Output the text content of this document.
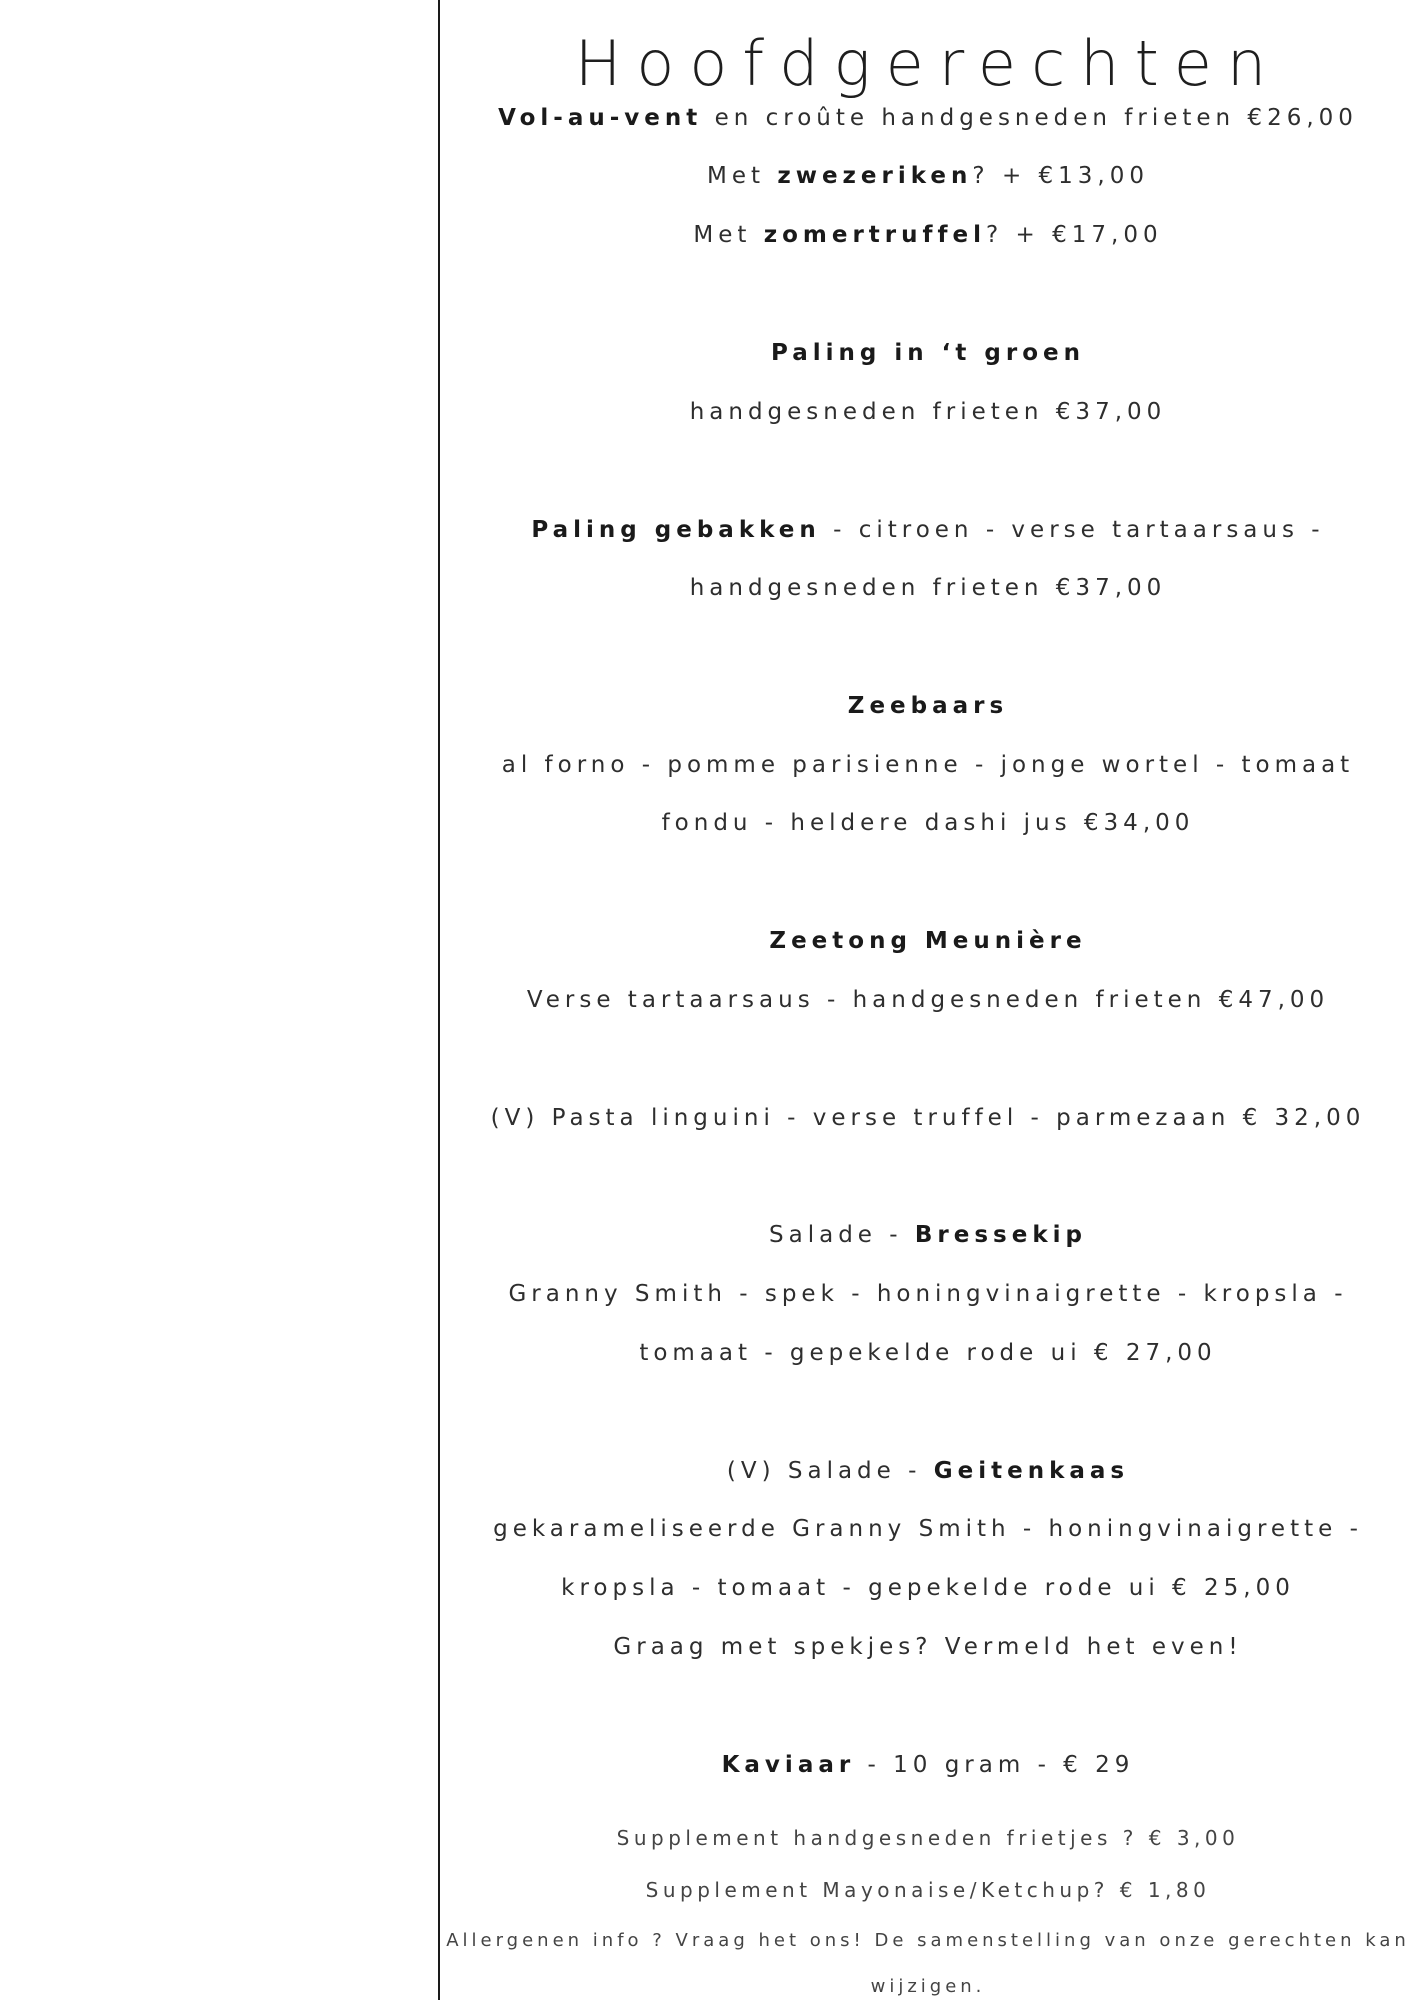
Hoofdgerechten
Vol-au-vent en croûte handgesneden frieten €26,00
Met zwezeriken? + €13,00
Met zomertruffel? + €17,00
Paling in ‘t groen
handgesneden frieten €37,00
Paling gebakken - citroen - verse tartaarsaus -
handgesneden frieten €37,00
Zeebaars
al forno - pomme parisienne - jonge wortel - tomaat
fondu - heldere dashi jus €34,00
Zeetong Meunière
Verse tartaarsaus - handgesneden frieten €47,00
(V) Pasta linguini - verse truffel - parmezaan € 32,00
Salade - Bressekip
Granny Smith - spek - honingvinaigrette - kropsla -
tomaat - gepekelde rode ui € 27,00
(V) Salade - Geitenkaas
gekarameliseerde Granny Smith - honingvinaigrette -
kropsla - tomaat - gepekelde rode ui € 25,00
Graag met spekjes? Vermeld het even!
Kaviaar - 10 gram - € 29
Supplement handgesneden frietjes ? € 3,00
Supplement Mayonaise/Ketchup? € 1,80
Allergenen info ? Vraag het ons! De samenstelling van onze gerechten kan
wijzigen.
